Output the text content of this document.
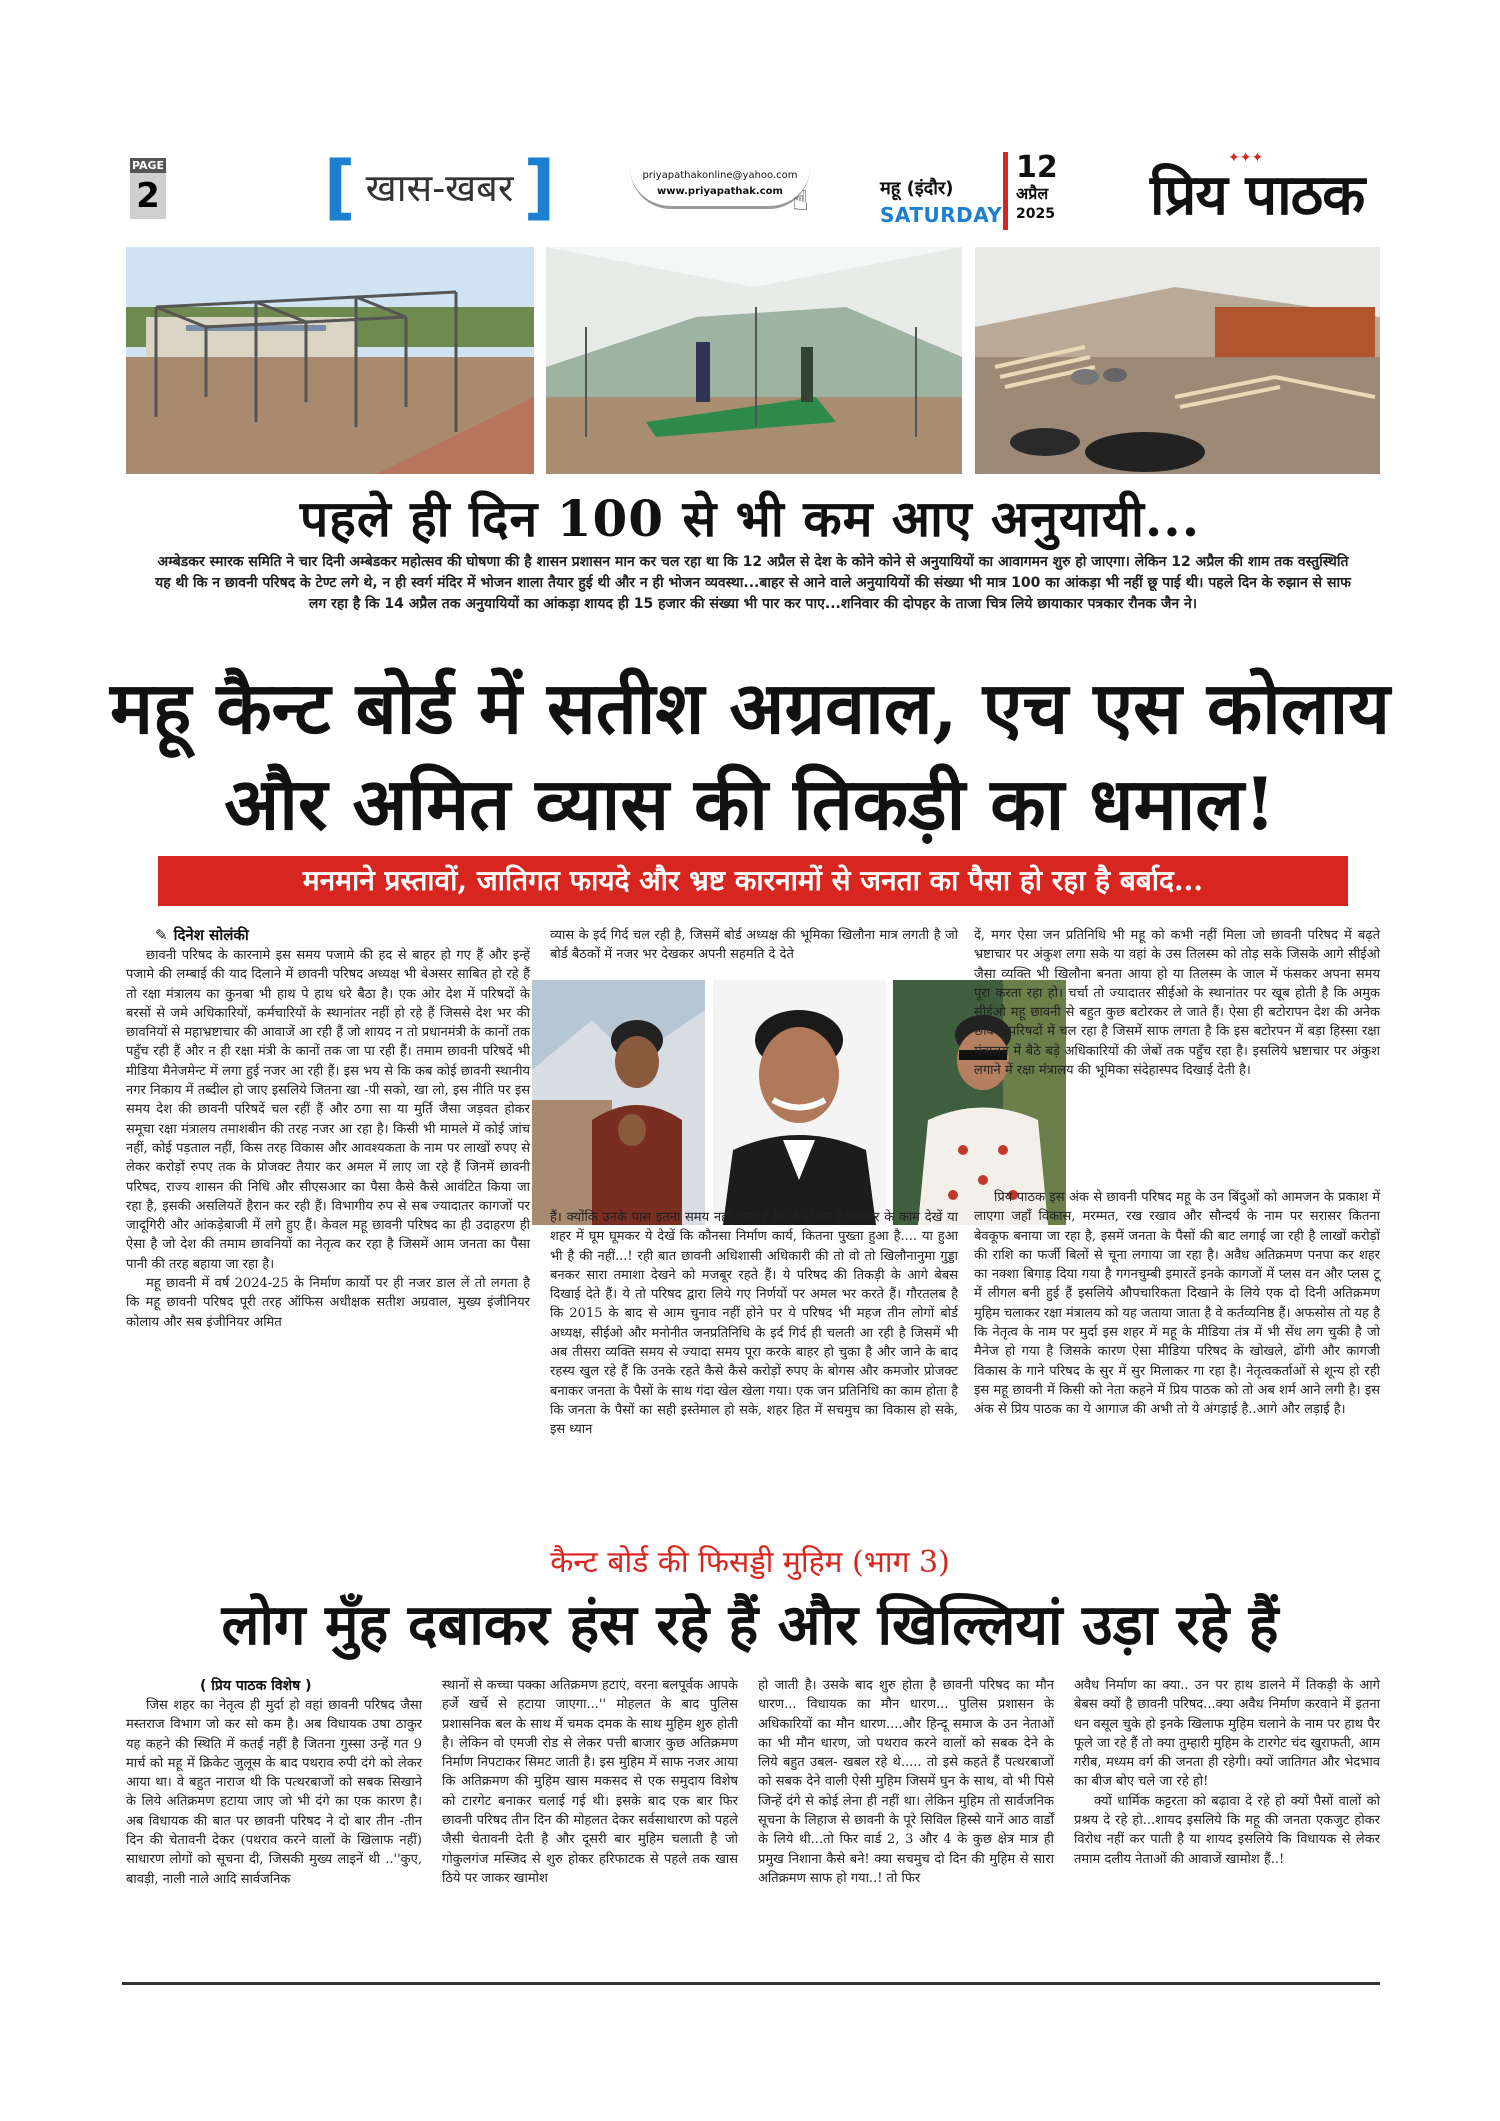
PAGE
2 [ खास-खबर ]	priyapathakonline@yahoo.com
www.priyapathak.com ☝	महू (इंदौर)
SATURDAY
12
अप्रैल
2025
✦✦✦
प्रिय पाठक
पहले ही दिन 100 से भी कम आए अनुयायी...
अम्बेडकर स्मारक समिति ने चार दिनी अम्बेडकर महोत्सव की घोषणा की है शासन प्रशासन मान कर चल रहा था कि 12 अप्रैल से देश के कोने कोने से अनुयायियों का आवागमन शुरु हो जाएगा। लेकिन 12 अप्रैल की शाम तक वस्तुस्थिति यह थी कि न छावनी परिषद के टेण्ट लगे थे, न ही स्वर्ग मंदिर में भोजन शाला तैयार हुई थी और न ही भोजन व्यवस्था...बाहर से आने वाले अनुयायियों की संख्या भी मात्र 100 का आंकड़ा भी नहीं छू पाई थी। पहले दिन के रुझान से साफ लग रहा है कि 14 अप्रैल तक अनुयायियों का आंकड़ा शायद ही 15 हजार की संख्या भी पार कर पाए...शनिवार की दोपहर के ताजा चित्र लिये छायाकार पत्रकार रौनक जैन ने।
महू कैन्ट बोर्ड में सतीश अग्रवाल, एच एस कोलाय
और अमित व्यास की तिकड़ी का धमाल!
मनमाने प्रस्तावों, जातिगत फायदे और भ्रष्ट कारनामों से जनता का पैसा हो रहा है बर्बाद...
✎ दिनेश सोलंकी

छावनी परिषद के कारनामे इस समय पजामे की हद से बाहर हो गए हैं और इन्हें पजामे की लम्बाई की याद दिलाने में छावनी परिषद अध्यक्ष भी बेअसर साबित हो रहे हैं तो रक्षा मंत्रालय का कुनबा भी हाथ पे हाथ धरे बैठा है। एक ओर देश में परिषदों के बरसों से जमे अधिकारियों, कर्मचारियों के स्थानांतर नहीं हो रहे हैं जिससे देश भर की छावनियों से महाभ्रष्टाचार की आवाजें आ रही हैं जो शायद न तो प्रधानमंत्री के कानों तक पहुँच रही हैं और न ही रक्षा मंत्री के कानों तक जा पा रही हैं। तमाम छावनी परिषदें भी मीडिया मैनेजमेन्ट में लगा हुई नजर आ रही हैं। इस भय से कि कब कोई छावनी स्थानीय नगर निकाय में तब्दील हो जाए इसलिये जितना खा -पी सको, खा लो, इस नीति पर इस समय देश की छावनी परिषदें चल रहीं हैं और ठगा सा या मुर्ति जैसा जड़वत होकर समूचा रक्षा मंत्रालय तमाशबीन की तरह नजर आ रहा है। किसी भी मामले में कोई जांच नहीं, कोई पड़ताल नहीं, किस तरह विकास और आवश्यकता के नाम पर लाखों रुपए से लेकर करोड़ों रुपए तक के प्रोजक्ट तैयार कर अमल में लाए जा रहे हैं जिनमें छावनी परिषद, राज्य शासन की निधि और सीएसआर का पैसा कैसे कैसे आवंटित किया जा रहा है, इसकी असलियतें हैरान कर रही हैं। विभागीय रुप से सब ज्यादातर कागजों पर जादूगिरी और आंकड़ेबाजी में लगे हुए हैं। केवल महू छावनी परिषद का ही उदाहरण ही ऐसा है जो देश की तमाम छावनियों का नेतृत्व कर रहा है जिसमें आम जनता का पैसा पानी की तरह बहाया जा रहा है।

महू छावनी में वर्ष 2024-25 के निर्माण कार्यो पर ही नजर डाल लें तो लगता है कि महू छावनी परिषद पूरी तरह ऑफिस अधीक्षक सतीश अग्रवाल, मुख्य इंजीनियर कोलाय और सब इंजीनियर अमित

व्यास के इर्द गिर्द चल रही है, जिसमें बोर्ड अध्यक्ष की भूमिका खिलौना मात्र लगती है जो बोर्ड बैठकों में नजर भर देखकर अपनी सहमति दे देते

दें, मगर ऐसा जन प्रतिनिधि भी महू को कभी नहीं मिला जो छावनी परिषद में बढ़ते भ्रष्टाचार पर अंकुश लगा सके या वहां के उस तिलस्म को तोड़ सके जिसके आगे सीईओ जैसा व्यक्ति भी खिलौना बनता आया हो या तिलस्म के जाल में फंसकर अपना समय पूरा करता रहा हो। चर्चा तो ज्यादातर सीईओ के स्थानांतर पर खूब होती है कि अमुक सीईओ महू छावनी से बहुत कुछ बटोरकर ले जाते हैं। ऐसा ही बटोरापन देश की अनेक छावनी परिषदों में चल रहा है जिसमें साफ लगता है कि इस बटोरपन में बड़ा हिस्सा रक्षा मंत्रालय में बैठे बड़े अधिकारियों की जेबों तक पहुँच रहा है। इसलिये भ्रष्टाचार पर अंकुश लगाने में रक्षा मंत्रालय की भूमिका संदेहास्पद दिखाई देती है।

हैं। क्योंकि उनके पास इतना समय नहीं होता है कि वे स्टेशन हेडक्वार्टर के काम देखें या शहर में घूम घूमकर ये देखें कि कौनसा निर्माण कार्य, कितना पुख्ता हुआ है.... या हुआ भी है की नहीं...! रही बात छावनी अधिशासी अधिकारी की तो वो तो खिलौनानुमा गुड्डा बनकर सारा तमाशा देखने को मजबूर रहते हैं। ये परिषद की तिकड़ी के आगे बेबस दिखाई देते हैं। ये तो परिषद द्वारा लिये गए निर्णयों पर अमल भर करते हैं। गौरतलब है कि 2015 के बाद से आम चुनाव नहीं होने पर ये परिषद भी महज तीन लोगों बोर्ड अध्यक्ष, सीईओ और मनोनीत जनप्रतिनिधि के इर्द गिर्द ही चलती आ रही है जिसमें भी अब तीसरा व्यक्ति समय से ज्यादा समय पूरा करके बाहर हो चुका है और जाने के बाद रहस्य खुल रहे हैं कि उनके रहते कैसे कैसे करोड़ों रुपए के बोगस और कमजोर प्रोजक्ट बनाकर जनता के पैसों के साथ गंदा खेल खेला गया। एक जन प्रतिनिधि का काम होता है कि जनता के पैसों का सही इस्तेमाल हो सके, शहर हित में सचमुच का विकास हो सके, इस ध्यान

प्रिय पाठक इस अंक से छावनी परिषद महू के उन बिंदुओं को आमजन के प्रकाश में लाएगा जहाँ विकास, मरम्मत, रख रखाव और सौन्दर्य के नाम पर सरासर कितना बेवकूफ बनाया जा रहा है, इसमें जनता के पैसों की बाट लगाई जा रही है लाखों करोड़ों की राशि का फर्जी बिलों से चूना लगाया जा रहा है। अवैध अतिक्रमण पनपा कर शहर का नक्शा बिगाड़ दिया गया है गगनचुम्बी इमारतें इनके कागजों में प्लस वन और प्लस टू में लीगल बनी हुई हैं इसलिये औपचारिकता दिखाने के लिये एक दो दिनी अतिक्रमण मुहिम चलाकर रक्षा मंत्रालय को यह जताया जाता है वे कर्तव्यनिष्ठ हैं। अफसोस तो यह है कि नेतृत्व के नाम पर मुर्दा इस शहर में महू के मीडिया तंत्र में भी सेंध लग चुकी है जो मैनेज हो गया है जिसके कारण ऐसा मीडिया परिषद के खोखले, ढोंगी और कागजी विकास के गाने परिषद के सुर में सुर मिलाकर गा रहा है। नेतृत्वकर्ताओं से शून्य हो रही इस महू छावनी में किसी को नेता कहने में प्रिय पाठक को तो अब शर्म आने लगी है। इस अंक से प्रिय पाठक का ये आगाज की अभी तो ये अंगड़ाई है..आगे और लड़ाई है।

कैन्ट बोर्ड की फिसड्डी मुहिम (भाग 3)
लोग मुँह दबाकर हंस रहे हैं और खिल्लियां उड़ा रहे हैं
( प्रिय पाठक विशेष )

जिस शहर का नेतृत्व ही मुर्दा हो वहां छावनी परिषद जैसा मस्तराज विभाग जो कर सो कम है। अब विधायक उषा ठाकुर यह कहने की स्थिति में कतई नहीं है जितना गुस्सा उन्हें गत 9 मार्च को महू में क्रिकेट जुलूस के बाद पथराव रुपी दंगे को लेकर आया था। वे बहुत नाराज थी कि पत्थरबाजों को सबक सिखाने के लिये अतिक्रमण हटाया जाए जो भी दंगे का एक कारण है। अब विधायक की बात पर छावनी परिषद ने दो बार तीन -तीन दिन की चेतावनी देकर (पथराव करने वालों के खिलाफ नहीं) साधारण लोगों को सूचना दी, जिसकी मुख्य लाइनें थी ..''कुए, बावड़ी, नाली नाले आदि सार्वजनिक

स्थानों से कच्चा पक्का अतिक्रमण हटाएं, वरना बलपूर्वक आपके हर्जे खर्चे से हटाया जाएगा...'' मोहलत के बाद पुलिस प्रशासनिक बल के साथ में चमक दमक के साथ मुहिम शुरु होती है। लेकिन वो एमजी रोड से लेकर पत्ती बाजार कुछ अतिक्रमण निर्माण निपटाकर सिमट जाती है। इस मुहिम में साफ नजर आया कि अतिक्रमण की मुहिम खास मकसद से एक समुदाय विशेष को टारगेट बनाकर चलाई गई थी। इसके बाद एक बार फिर छावनी परिषद तीन दिन की मोहलत देकर सर्वसाधारण को पहले जैसी चेतावनी देती है और दूसरी बार मुहिम चलाती है जो गोकुलगंज मस्जिद से शुरु होकर हरिफाटक से पहले तक खास ठिये पर जाकर खामोश

हो जाती है। उसके बाद शुरु होता है छावनी परिषद का मौन धारण... विधायक का मौन धारण... पुलिस प्रशासन के अधिकारियों का मौन धारण....और हिन्दू समाज के उन नेताओं का भी मौन धारण, जो पथराव करने वालों को सबक देने के लिये बहुत उबल- खबल रहे थे..... तो इसे कहते हैं पत्थरबाजों को सबक देने वाली ऐसी मुहिम जिसमें घुन के साथ, वो भी पिसे जिन्हें दंगे से कोई लेना ही नहीं था। लेकिन मुहिम तो सार्वजनिक सूचना के लिहाज से छावनी के पूरे सिविल हिस्से यानें आठ वार्डों के लिये थी...तो फिर वार्ड 2, 3 और 4 के कुछ क्षेत्र मात्र ही प्रमुख निशाना कैसे बने! क्या सचमुच दो दिन की मुहिम से सारा अतिक्रमण साफ हो गया..! तो फिर

अवैध निर्माण का क्या.. उन पर हाथ डालने में तिकड़ी के आगे बेबस क्यों है छावनी परिषद...क्या अवैध निर्माण करवाने में इतना धन वसूल चुके हो इनके खिलाफ मुहिम चलाने के नाम पर हाथ पैर फूले जा रहे हैं तो क्या तुम्हारी मुहिम के टारगेट चंद खुराफती, आम गरीब, मध्यम वर्ग की जनता ही रहेगी। क्यों जातिगत और भेदभाव का बीज बोए चले जा रहे हो!

क्यों धार्मिक कट्टरता को बढ़ावा दे रहे हो क्यों पैसों वालों को प्रश्रय दे रहे हो...शायद इसलिये कि महू की जनता एकजुट होकर विरोध नहीं कर पाती है या शायद इसलिये कि विधायक से लेकर तमाम दलीय नेताओं की आवाजें खामोश हैं..!
